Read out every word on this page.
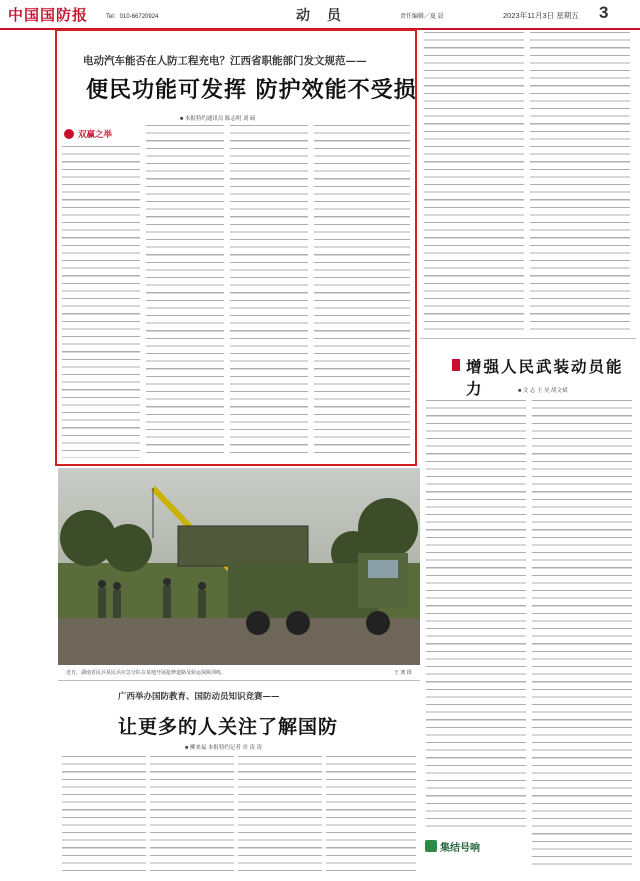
中国国防报	Tel：010-66720924	动 员	责任编辑／夏 晨	2023年11月3日 星期五 3
电动汽车能否在人防工程充电？江西省职能部门发文规范——
便民功能可发挥 防护效能不受损
■ 本报特约通讯员 陈志明 刘 硕
双赢之举
增强人民武装动员能力	■ 文 志 王 昊 胡文斌
近日，湖南省民兵某民兵应急分队在某地开展抢修道路及转运保障训练。	王 澳 摄
广西举办国防教育、国防动员知识竞赛——
让更多的人关注了解国防
■ 柳来福 本报特约记者 章 涛 涛
集结号响
